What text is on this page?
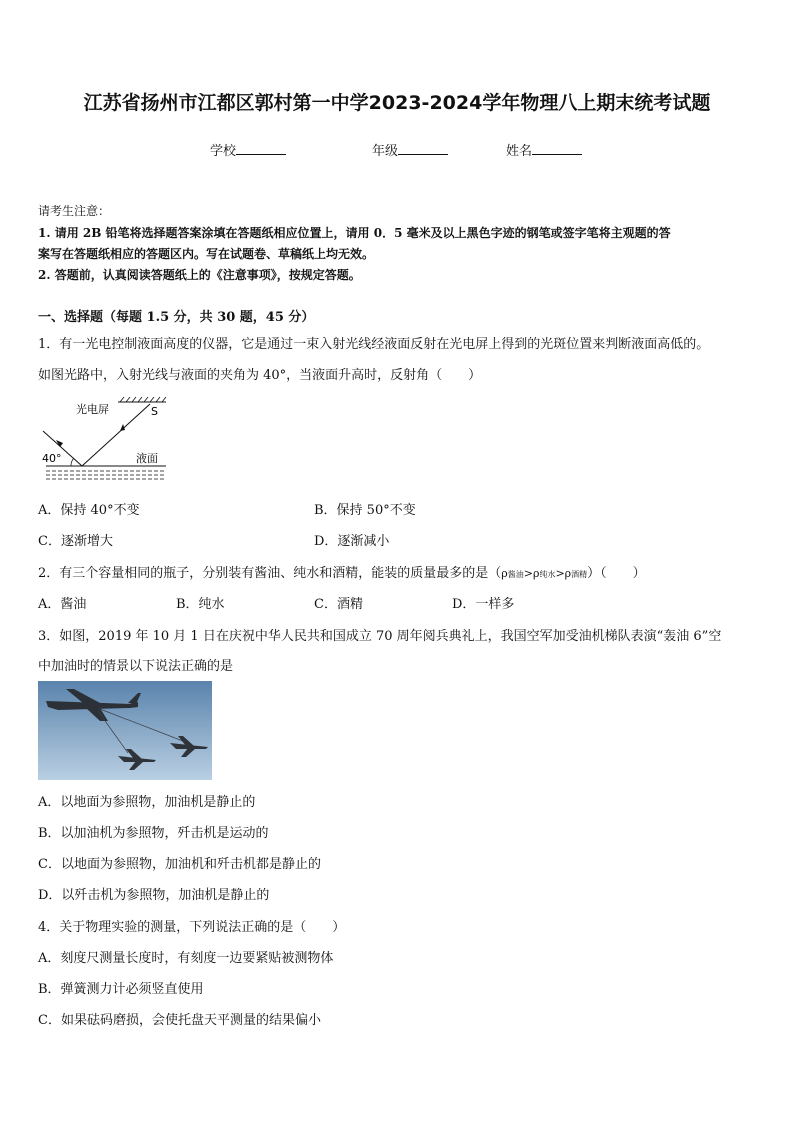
江苏省扬州市江都区郭村第一中学2023-2024学年物理八上期末统考试题
学校	年级	姓名
请考生注意：
1. 请用 2B 铅笔将选择题答案涂填在答题纸相应位置上，请用 0．5 毫米及以上黑色字迹的钢笔或签字笔将主观题的答
案写在答题纸相应的答题区内。写在试题卷、草稿纸上均无效。
2. 答题前，认真阅读答题纸上的《注意事项》，按规定答题。
一、选择题（每题 1.5 分，共 30 题，45 分）
1．有一光电控制液面高度的仪器，它是通过一束入射光线经液面反射在光电屏上得到的光斑位置来判断液面高低的。
如图光路中，入射光线与液面的夹角为 40°，当液面升高时，反射角（　　）
光电屏	S
40°	液面
A．保持 40°不变	B．保持 50°不变
C．逐渐增大	D．逐渐减小
2．有三个容量相同的瓶子，分别装有酱油、纯水和酒精，能装的质量最多的是（ρ酱油>ρ纯水>ρ酒精）（　　）
A．酱油	B．纯水	C．酒精	D．一样多
3．如图，2019 年 10 月 1 日在庆祝中华人民共和国成立 70 周年阅兵典礼上，我国空军加受油机梯队表演“轰油 6”空
中加油时的情景以下说法正确的是
A．以地面为参照物，加油机是静止的
B．以加油机为参照物，歼击机是运动的
C．以地面为参照物，加油机和歼击机都是静止的
D．以歼击机为参照物，加油机是静止的
4．关于物理实验的测量，下列说法正确的是（　　）
A．刻度尺测量长度时，有刻度一边要紧贴被测物体
B．弹簧测力计必须竖直使用
C．如果砝码磨损，会使托盘天平测量的结果偏小
